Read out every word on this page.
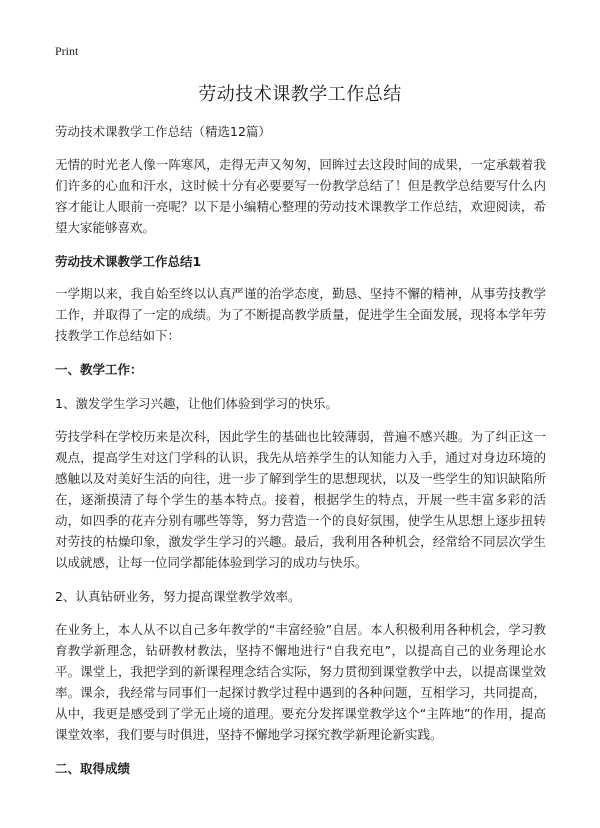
Print
劳动技术课教学工作总结

劳动技术课教学工作总结（精选12篇）

无情的时光老人像一阵寒风，走得无声又匆匆，回眸过去这段时间的成果，一定承载着我们许多的心血和汗水，这时候十分有必要要写一份教学总结了！但是教学总结要写什么内容才能让人眼前一亮呢？以下是小编精心整理的劳动技术课教学工作总结，欢迎阅读，希望大家能够喜欢。

劳动技术课教学工作总结1

一学期以来，我自始至终以认真严谨的治学态度，勤恳、坚持不懈的精神，从事劳技教学工作，并取得了一定的成绩。为了不断提高教学质量，促进学生全面发展，现将本学年劳技教学工作总结如下：

一、教学工作：

1、激发学生学习兴趣，让他们体验到学习的快乐。

劳技学科在学校历来是次科，因此学生的基础也比较薄弱，普遍不感兴趣。为了纠正这一观点，提高学生对这门学科的认识，我先从培养学生的认知能力入手，通过对身边环境的感触以及对美好生活的向往，进一步了解到学生的思想现状，以及一些学生的知识缺陷所在，逐渐摸清了每个学生的基本特点。接着，根据学生的特点，开展一些丰富多彩的活动，如四季的花卉分别有哪些等等，努力营造一个的良好氛围，使学生从思想上逐步扭转对劳技的枯燥印象，激发学生学习的兴趣。最后，我利用各种机会，经常给不同层次学生以成就感，让每一位同学都能体验到学习的成功与快乐。

2、认真钻研业务，努力提高课堂教学效率。

在业务上，本人从不以自己多年教学的“丰富经验”自居。本人积极利用各种机会，学习教育教学新理念，钻研教材教法，坚持不懈地进行“自我充电”，以提高自己的业务理论水平。课堂上，我把学到的新课程理念结合实际，努力贯彻到课堂教学中去，以提高课堂效率。课余，我经常与同事们一起探讨教学过程中遇到的各种问题，互相学习，共同提高，从中，我更是感受到了学无止境的道理。要充分发挥课堂教学这个“主阵地”的作用，提高课堂效率，我们要与时俱进，坚持不懈地学习探究教学新理论新实践。

二、取得成绩
